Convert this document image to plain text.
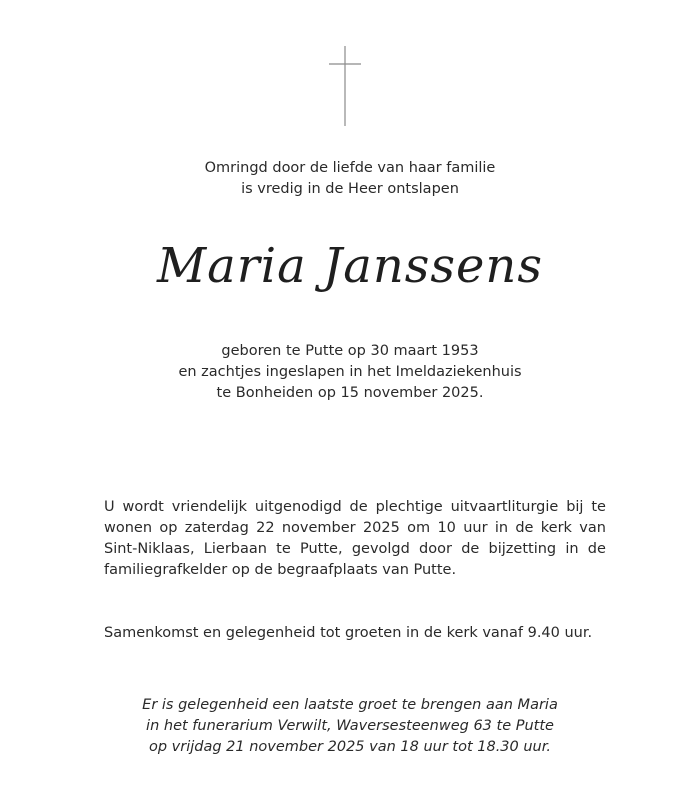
Omringd door de liefde van haar familie
is vredig in de Heer ontslapen
Maria Janssens
geboren te Putte op 30 maart 1953
en zachtjes ingeslapen in het Imeldaziekenhuis
te Bonheiden op 15 november 2025.
U wordt vriendelijk uitgenodigd de plechtige uitvaartliturgie bij te
wonen op zaterdag 22 november 2025 om 10 uur in de kerk van
Sint-Niklaas, Lierbaan te Putte, gevolgd door de bijzetting in de
familiegrafkelder op de begraafplaats van Putte.
Samenkomst en gelegenheid tot groeten in de kerk vanaf 9.40 uur.
Er is gelegenheid een laatste groet te brengen aan Maria
in het funerarium Verwilt, Waversesteenweg 63 te Putte
op vrijdag 21 november 2025 van 18 uur tot 18.30 uur.
